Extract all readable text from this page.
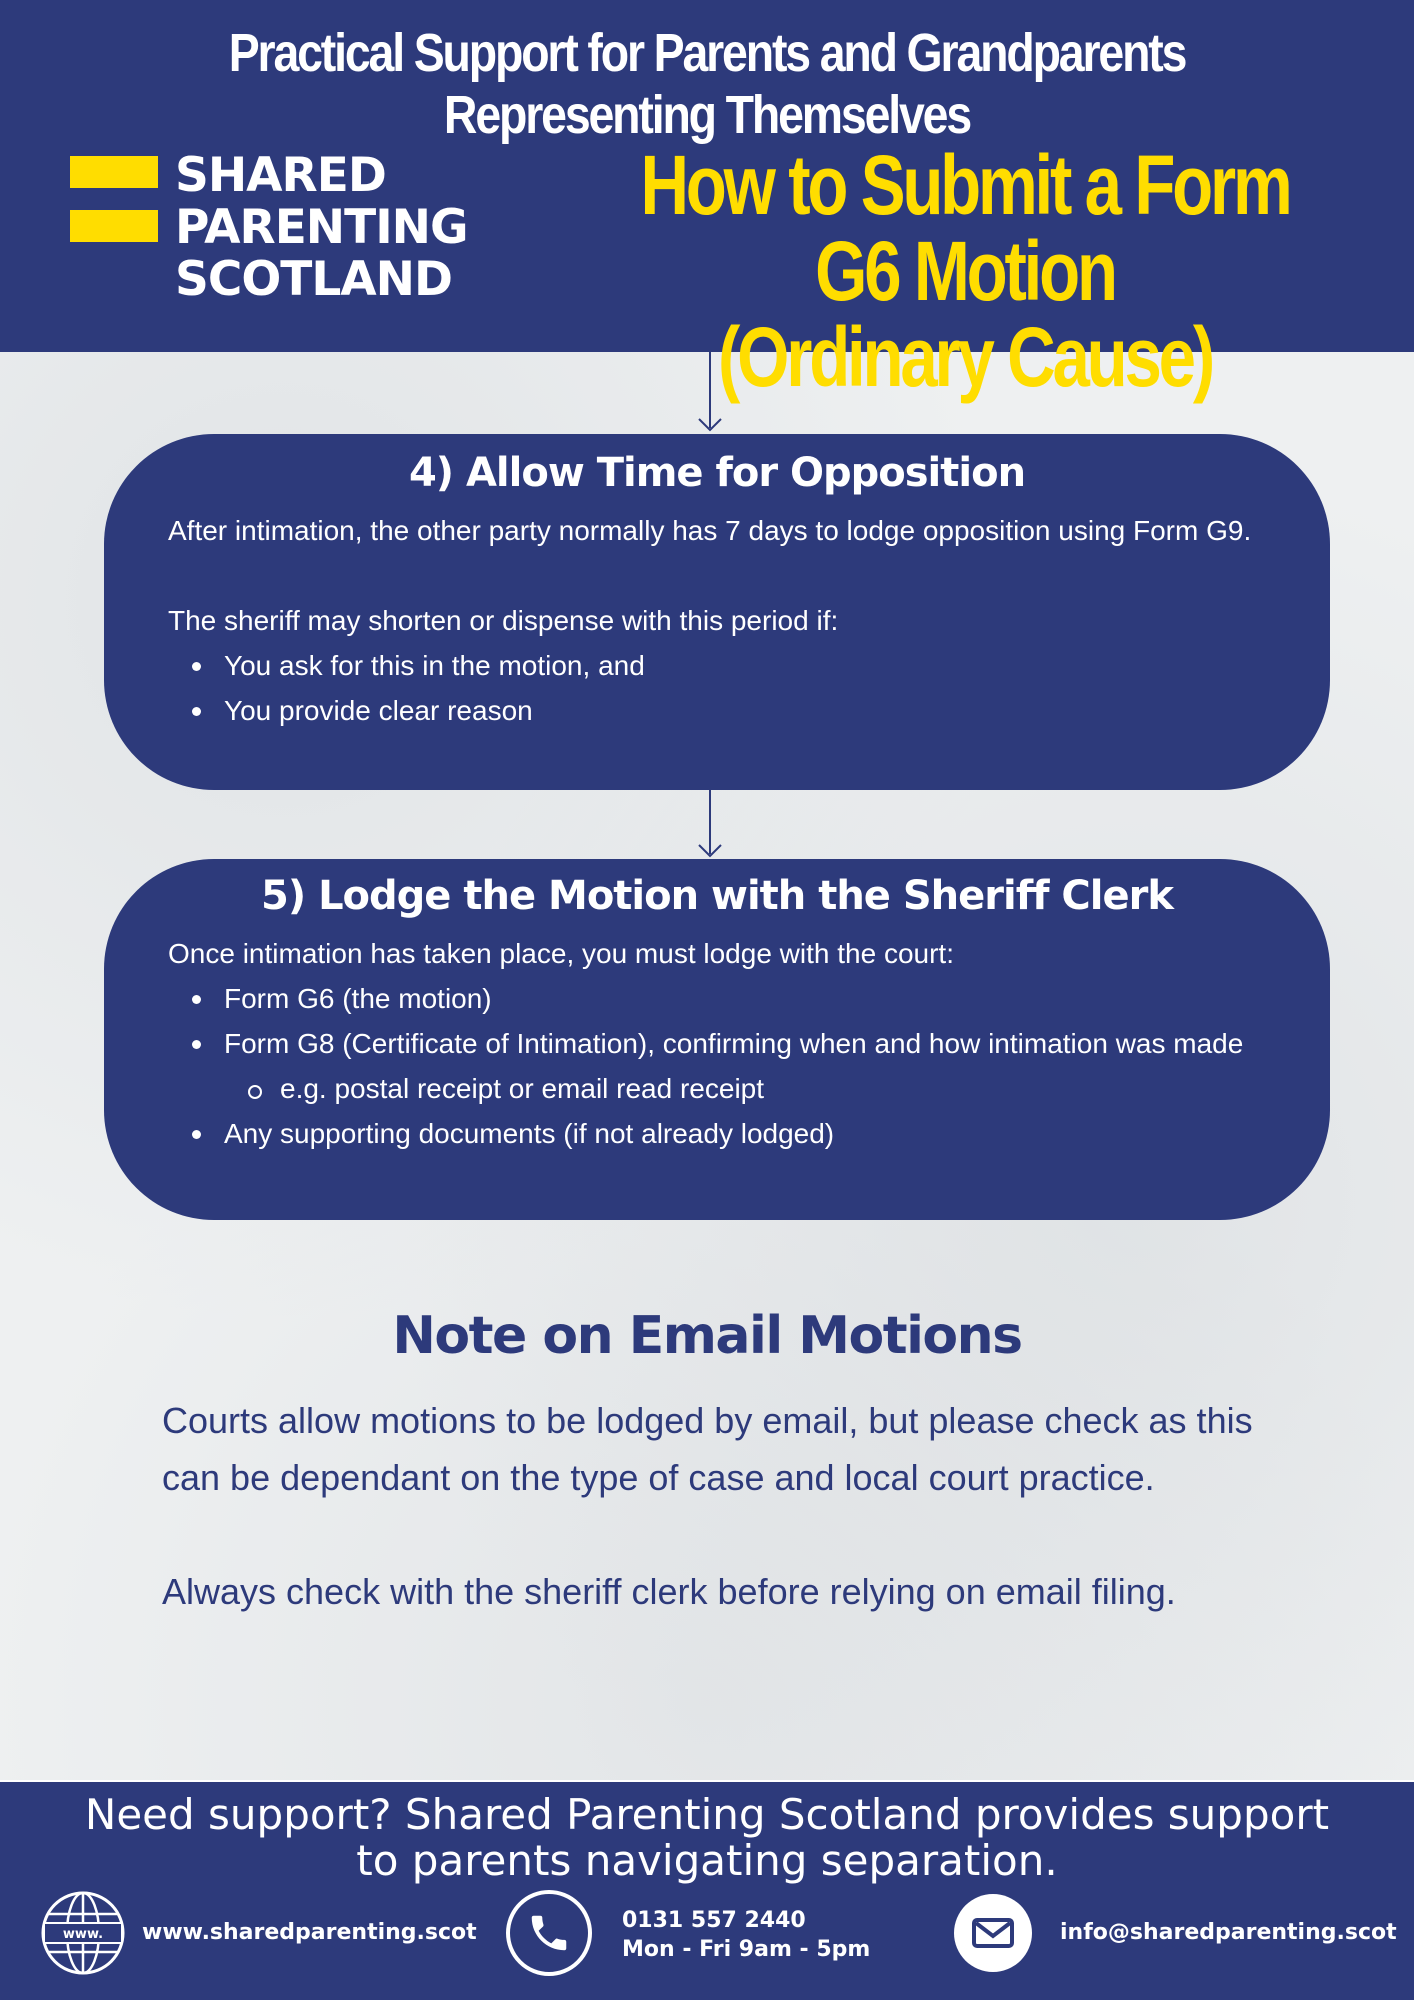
Practical Support for Parents and Grandparents Representing Themselves
SHARED
PARENTING
SCOTLAND
How to Submit a Form G6 Motion
(Ordinary Cause)
4) Allow Time for Opposition

After intimation, the other party normally has 7 days to lodge opposition using Form G9.

The sheriff may shorten or dispense with this period if:

You ask for this in the motion, and
You provide clear reason
5) Lodge the Motion with the Sheriff Clerk

Once intimation has taken place, you must lodge with the court:

Form G6 (the motion)
Form G8 (Certificate of Intimation), confirming when and how intimation was made
e.g. postal receipt or email read receipt
Any supporting documents (if not already lodged)
Note on Email Motions

Courts allow motions to be lodged by email, but please check as this can be dependant on the type of case and local court practice.

Always check with the sheriff clerk before relying on email filing.

Need support? Shared Parenting Scotland provides support
to parents navigating separation.
www. www.sharedparenting.scot	0131 557 2440
Mon - Fri 9am - 5pm
info@sharedparenting.scot
